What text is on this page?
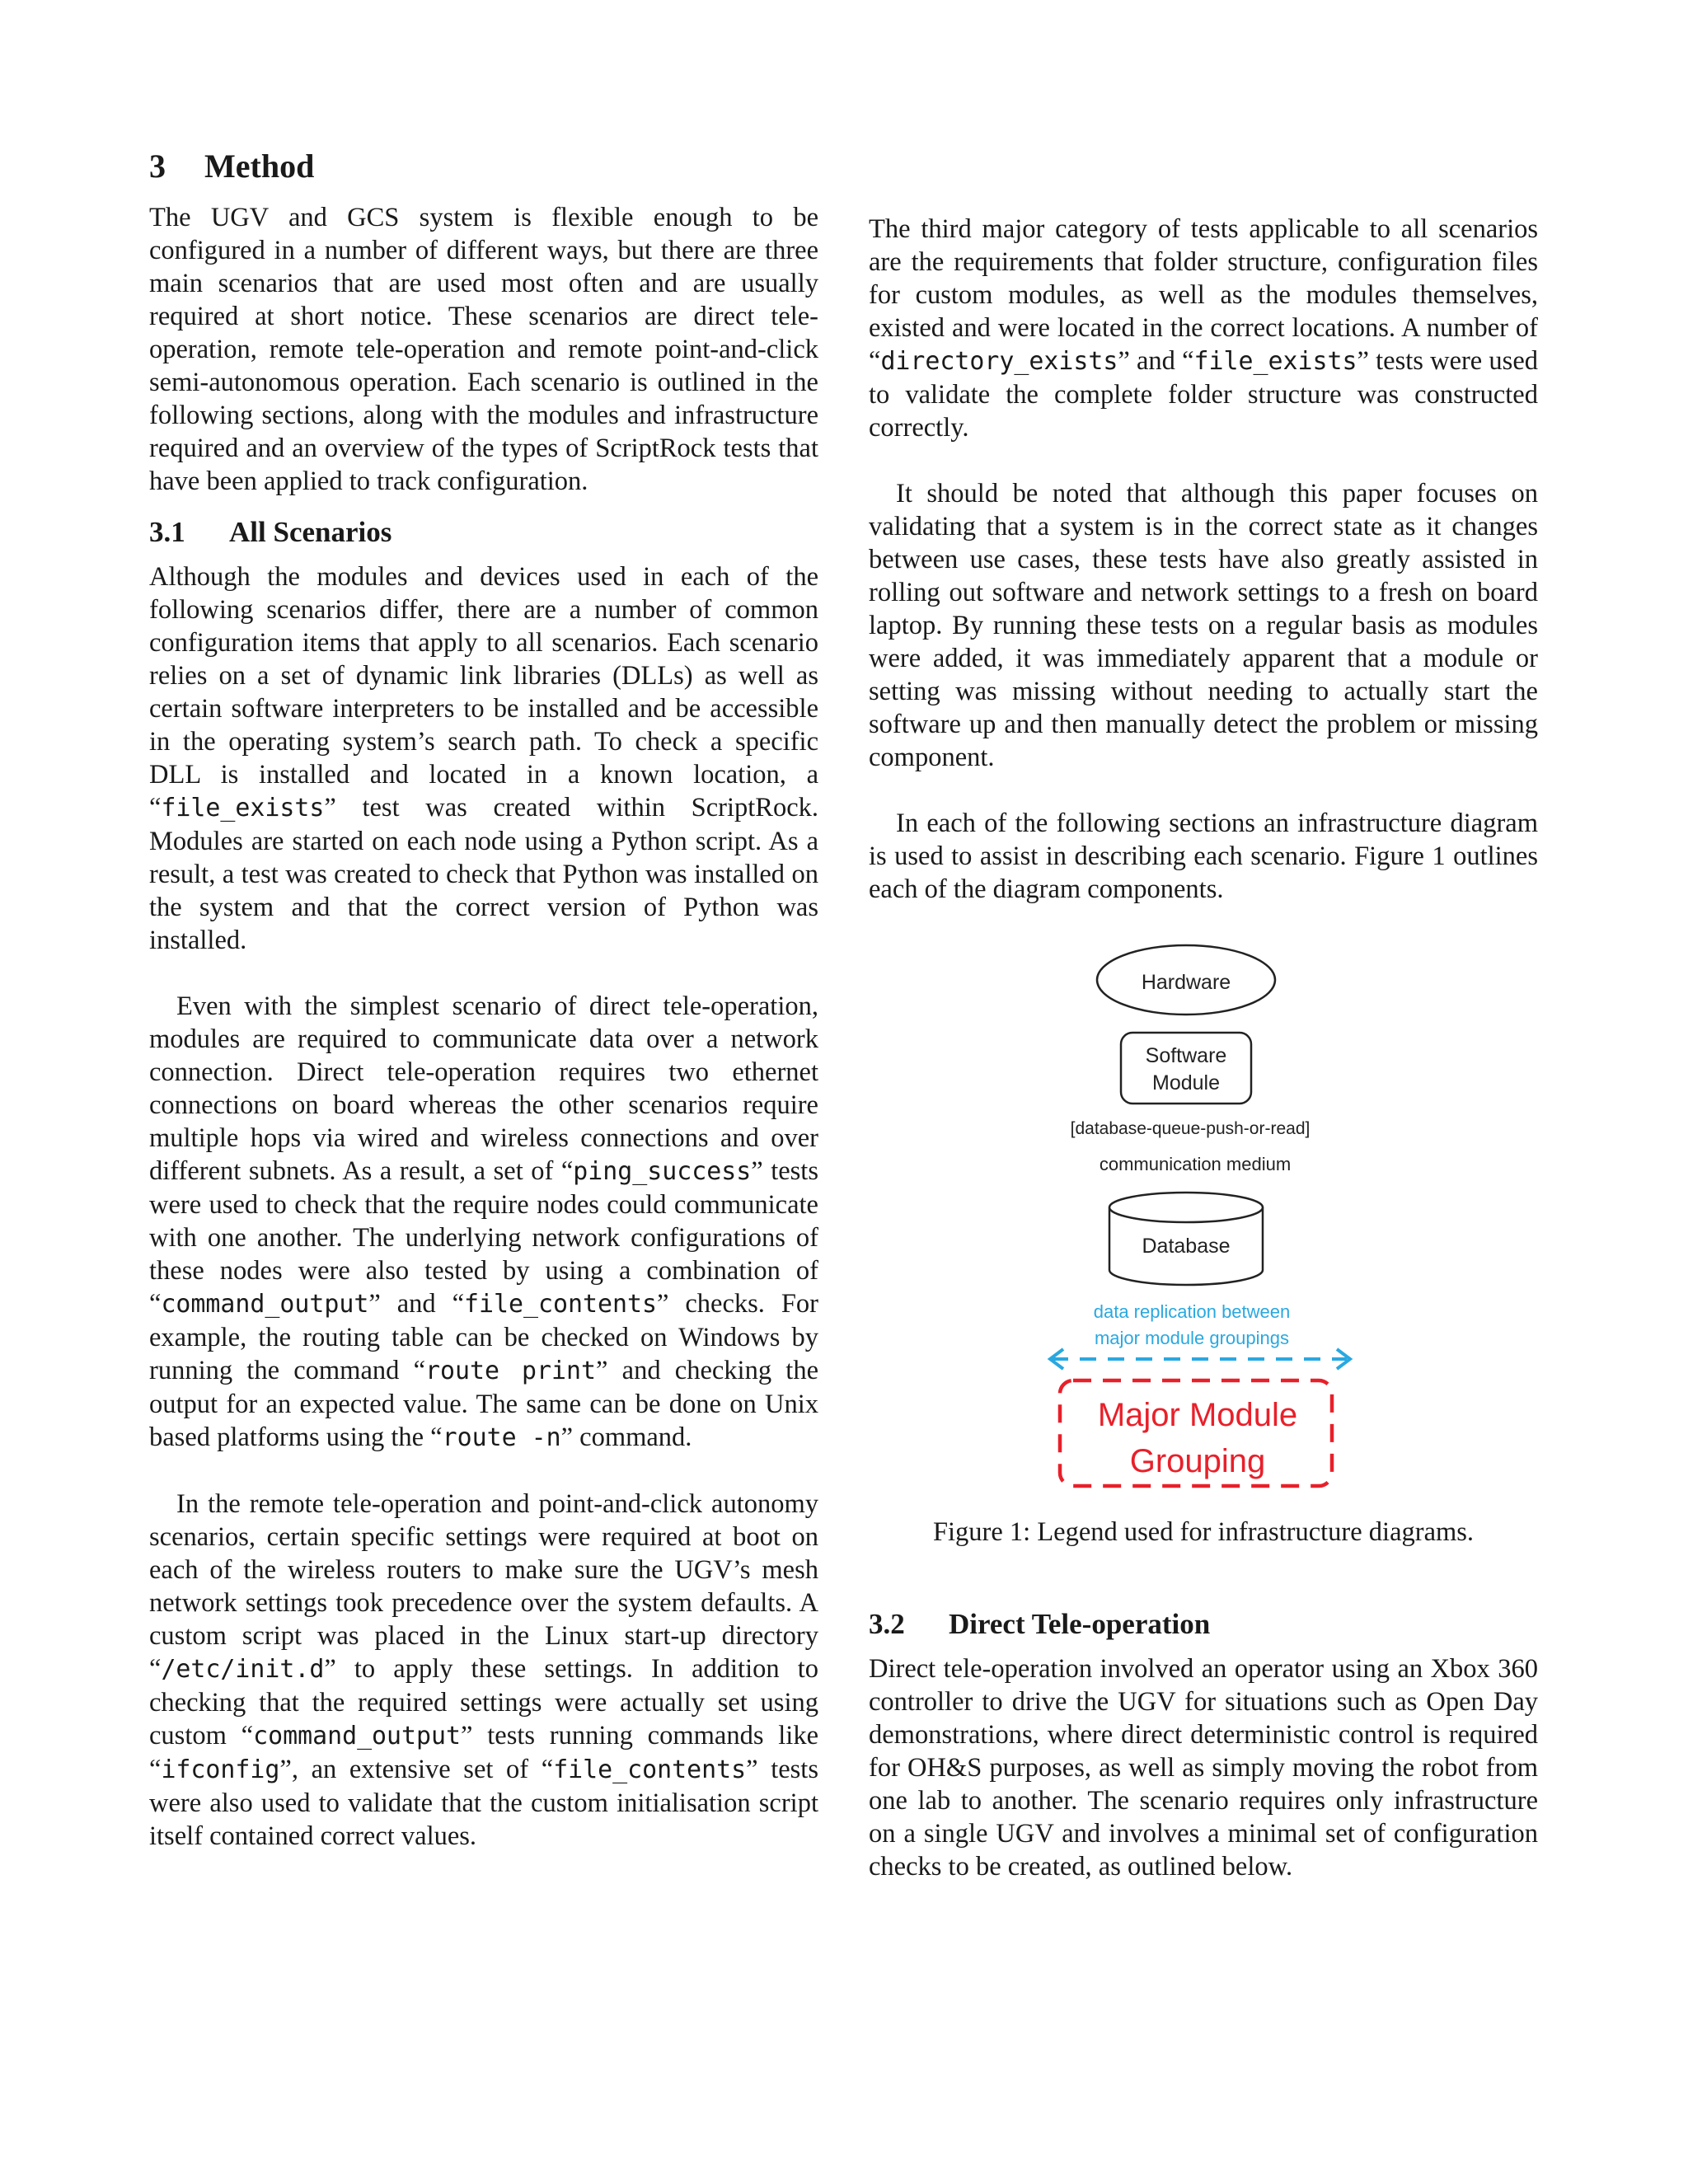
3 Method

The UGV and GCS system is flexible enough to be configured in a number of different ways, but there are three main scenarios that are used most often and are usually required at short notice. These scenarios are direct tele-operation, remote tele-operation and remote point-and-click semi-autonomous operation. Each scenario is outlined in the following sections, along with the modules and infrastructure required and an overview of the types of ScriptRock tests that have been applied to track configuration.

3.1 All Scenarios

Although the modules and devices used in each of the following scenarios differ, there are a number of common configuration items that apply to all scenarios. Each scenario relies on a set of dynamic link libraries (DLLs) as well as certain software interpreters to be installed and be accessible in the operating system’s search path. To check a specific DLL is installed and located in a known location, a “file_exists” test was created within ScriptRock. Modules are started on each node using a Python script. As a result, a test was created to check that Python was installed on the system and that the correct version of Python was installed.

Even with the simplest scenario of direct tele-operation, modules are required to communicate data over a network connection. Direct tele-operation requires two ethernet connections on board whereas the other scenarios require multiple hops via wired and wireless connections and over different subnets. As a result, a set of “ping_success” tests were used to check that the require nodes could communicate with one another. The underlying network configurations of these nodes were also tested by using a combination of “command_output” and “file_contents” checks. For example, the routing table can be checked on Windows by running the command “route print” and checking the output for an expected value. The same can be done on Unix based platforms using the “route -n” command.

In the remote tele-operation and point-and-click autonomy scenarios, certain specific settings were required at boot on each of the wireless routers to make sure the UGV’s mesh network settings took precedence over the system defaults. A custom script was placed in the Linux start-up directory “/etc/init.d” to apply these settings. In addition to checking that the required settings were actually set using custom “command_output” tests running commands like “ifconfig”, an extensive set of “file_contents” tests were also used to validate that the custom initialisation script itself contained correct values.

The third major category of tests applicable to all scenarios are the requirements that folder structure, configuration files for custom modules, as well as the modules themselves, existed and were located in the correct locations. A number of “directory_exists” and “file_exists” tests were used to validate the complete folder structure was constructed correctly.

It should be noted that although this paper focuses on validating that a system is in the correct state as it changes between use cases, these tests have also greatly assisted in rolling out software and network settings to a fresh on board laptop. By running these tests on a regular basis as modules were added, it was immediately apparent that a module or setting was missing without needing to actually start the software up and then manually detect the problem or missing component.

In each of the following sections an infrastructure diagram is used to assist in describing each scenario. Figure 1 outlines each of the diagram components.

Hardware
Software
Module
[database-queue-push-or-read]
communication medium
Database
data replication between
major module groupings
Major Module
Grouping

Figure 1: Legend used for infrastructure diagrams.

3.2 Direct Tele-operation

Direct tele-operation involved an operator using an Xbox 360 controller to drive the UGV for situations such as Open Day demonstrations, where direct deterministic control is required for OH&S purposes, as well as simply moving the robot from one lab to another. The scenario requires only infrastructure on a single UGV and involves a minimal set of configuration checks to be created, as outlined below.
